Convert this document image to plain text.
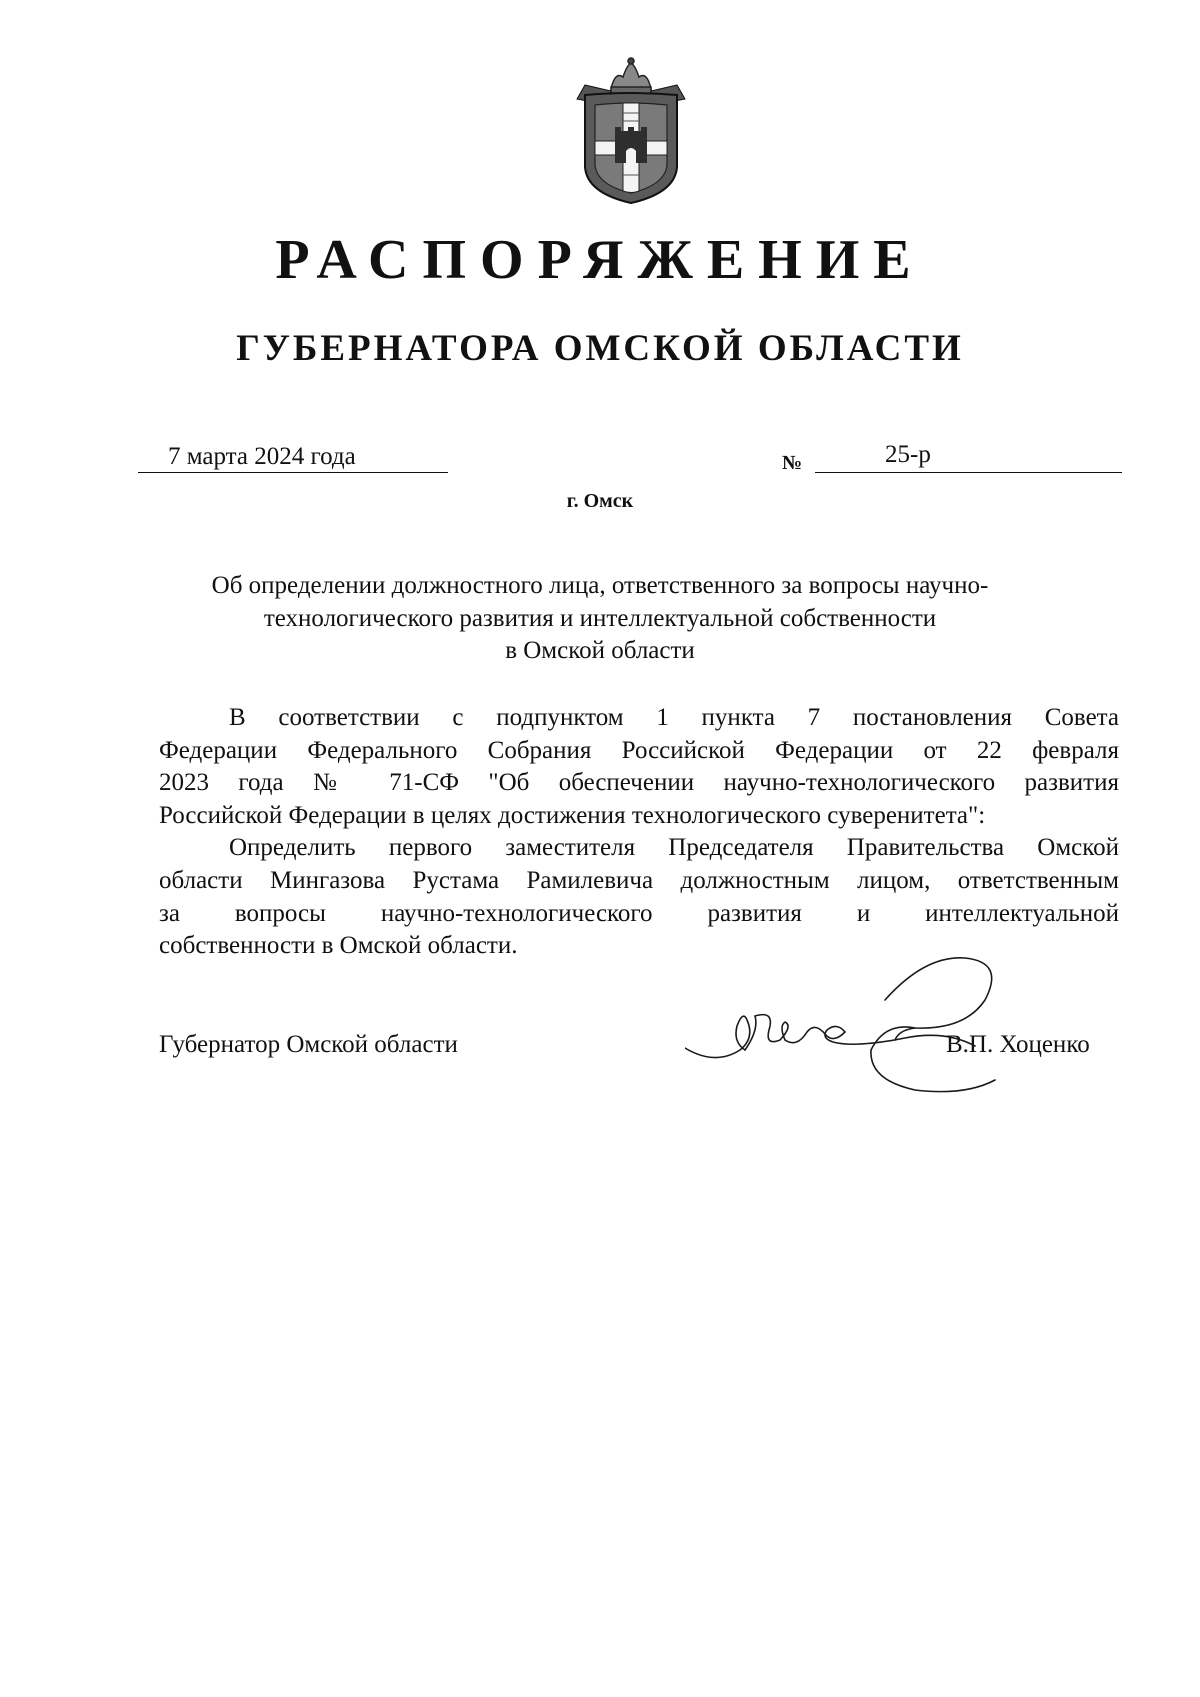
РАСПОРЯЖЕНИЕ
ГУБЕРНАТОРА ОМСКОЙ ОБЛАСТИ
7 марта 2024 года	№	25-р
г. Омск
Об определении должностного лица, ответственного за вопросы научно-
технологического развития и интеллектуальной собственности
в Омской области
В соответствии с подпунктом 1 пункта 7 постановления Совета
Федерации Федерального Собрания Российской Федерации от 22 февраля
2023 года № 71-СФ "Об обеспечении научно-технологического развития
Российской Федерации в целях достижения технологического суверенитета":
Определить первого заместителя Председателя Правительства Омской
области Мингазова Рустама Рамилевича должностным лицом, ответственным
за вопросы научно-технологического развития и интеллектуальной
собственности в Омской области.
Губернатор Омской области	В.П. Хоценко
